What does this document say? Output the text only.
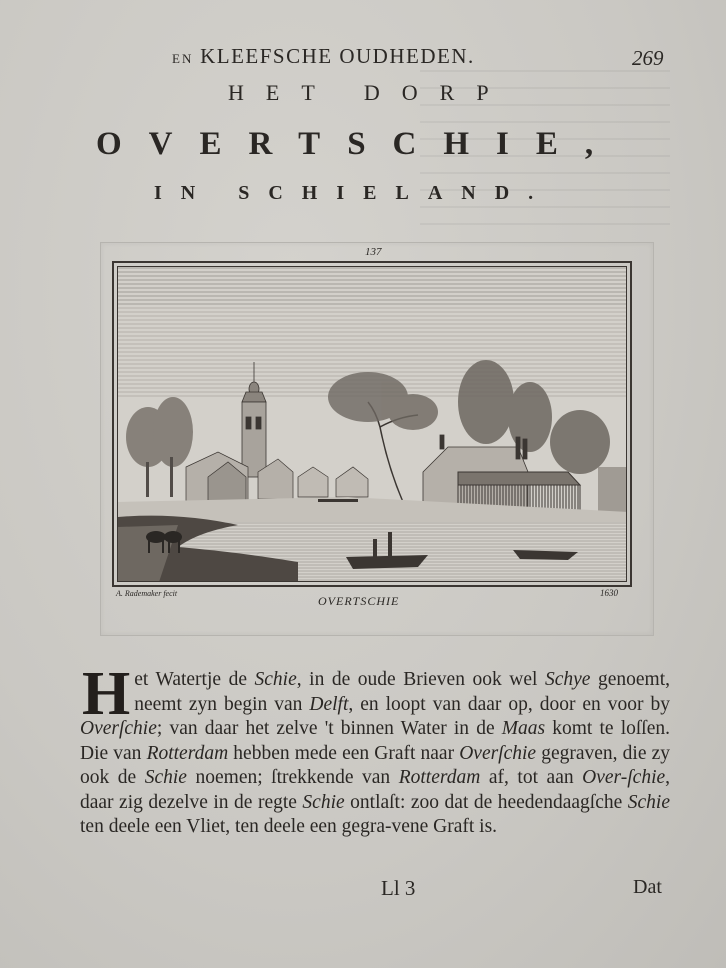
EN KLEEFSCHE OUDHEDEN.	269
HET DORP
OVERTSCHIE,
IN SCHIELAND.
137
A. Rademaker fecit
OVERTSCHIE
1630
H et Watertje de Schie, in de oude Brieven ook wel Schye genoemt, neemt zyn begin van Delft, en loopt van daar op, door en voor by Overſchie; van daar het zelve 't binnen Water in de Maas komt te loſſen. Die van Rotterdam hebben mede een Graft naar Overſchie gegraven, die zy ook de Schie noemen; ſtrekkende van Rotterdam af, tot aan Over-ſchie, daar zig dezelve in de regte Schie ontlaſt: zoo dat de heedendaagſche Schie ten deele een Vliet, ten deele een gegra-vene Graft is.

Ll 3	Dat
